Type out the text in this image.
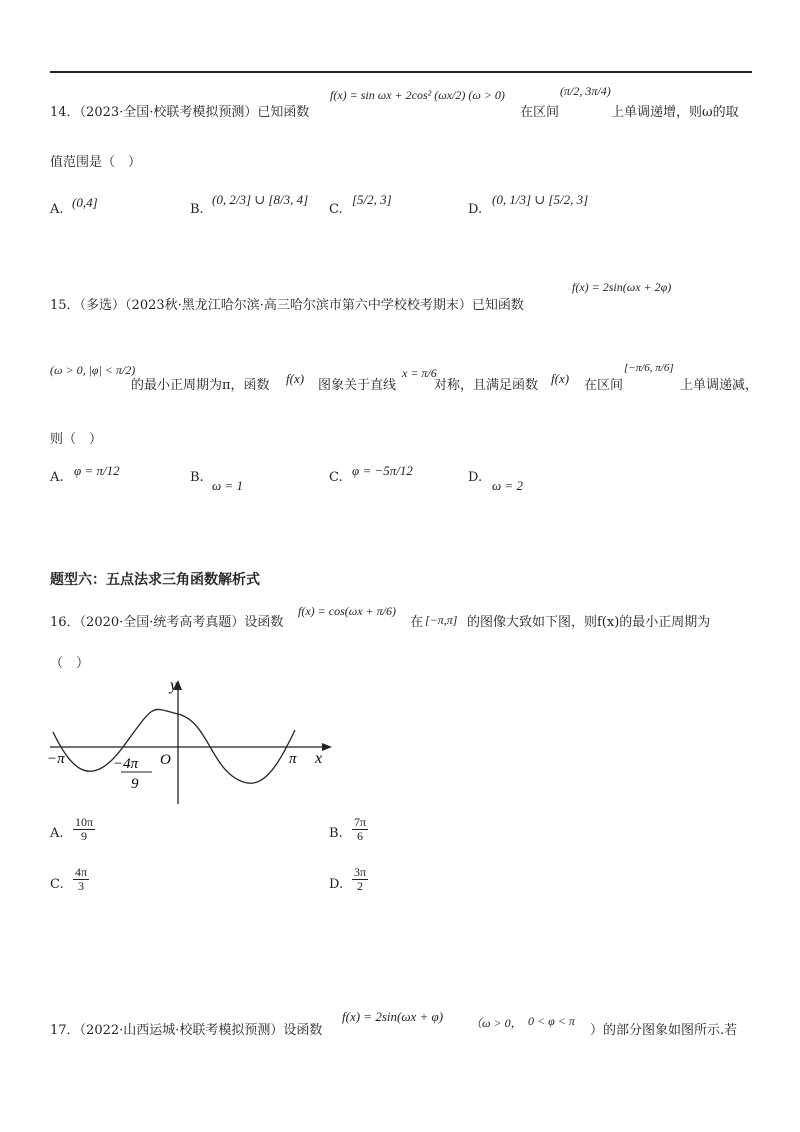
14．（2023·全国·校联考模拟预测）已知函数
f(x) = sin ωx + 2cos² (ωx/2) (ω > 0)
在区间
(π/2, 3π/4)
上单调递增，则ω的取
值范围是（　）
A. (0,4]	B.
(0, 2/3] ∪ [8/3, 4]
C.
[5/2, 3]
D.
(0, 1/3] ∪ [5/2, 3]
15．（多选）（2023秋·黑龙江哈尔滨·高三哈尔滨市第六中学校校考期末）已知函数
f(x) = 2sin(ωx + 2φ)
(ω > 0, |φ| < π/2)
的最小正周期为π，函数 f(x) 图象关于直线
x = π/6
对称，且满足函数 f(x) 在区间
[−π/6, π/6]
上单调递减，
则（　）
A. φ = π/12	B.
ω = 1
C. φ = −5π/12	D.
ω = 2
题型六：五点法求三角函数解析式
16．（2020·全国·统考高考真题）设函数
f(x) = cos(ωx + π/6)
在 [−π,π] 的图像大致如下图，则f(x)的最小正周期为
（　）
y
x
O
−π	π
−4π
9
A. $\frac{10\pi}{9}$	B. $\frac{7\pi}{6}$
C. $\frac{4\pi}{3}$	D. $\frac{3\pi}{2}$
17．（2022·山西运城·校联考模拟预测）设函数
f(x) = 2sin(ωx + φ) （ω > 0， 0 < φ < π
）的部分图象如图所示.若
